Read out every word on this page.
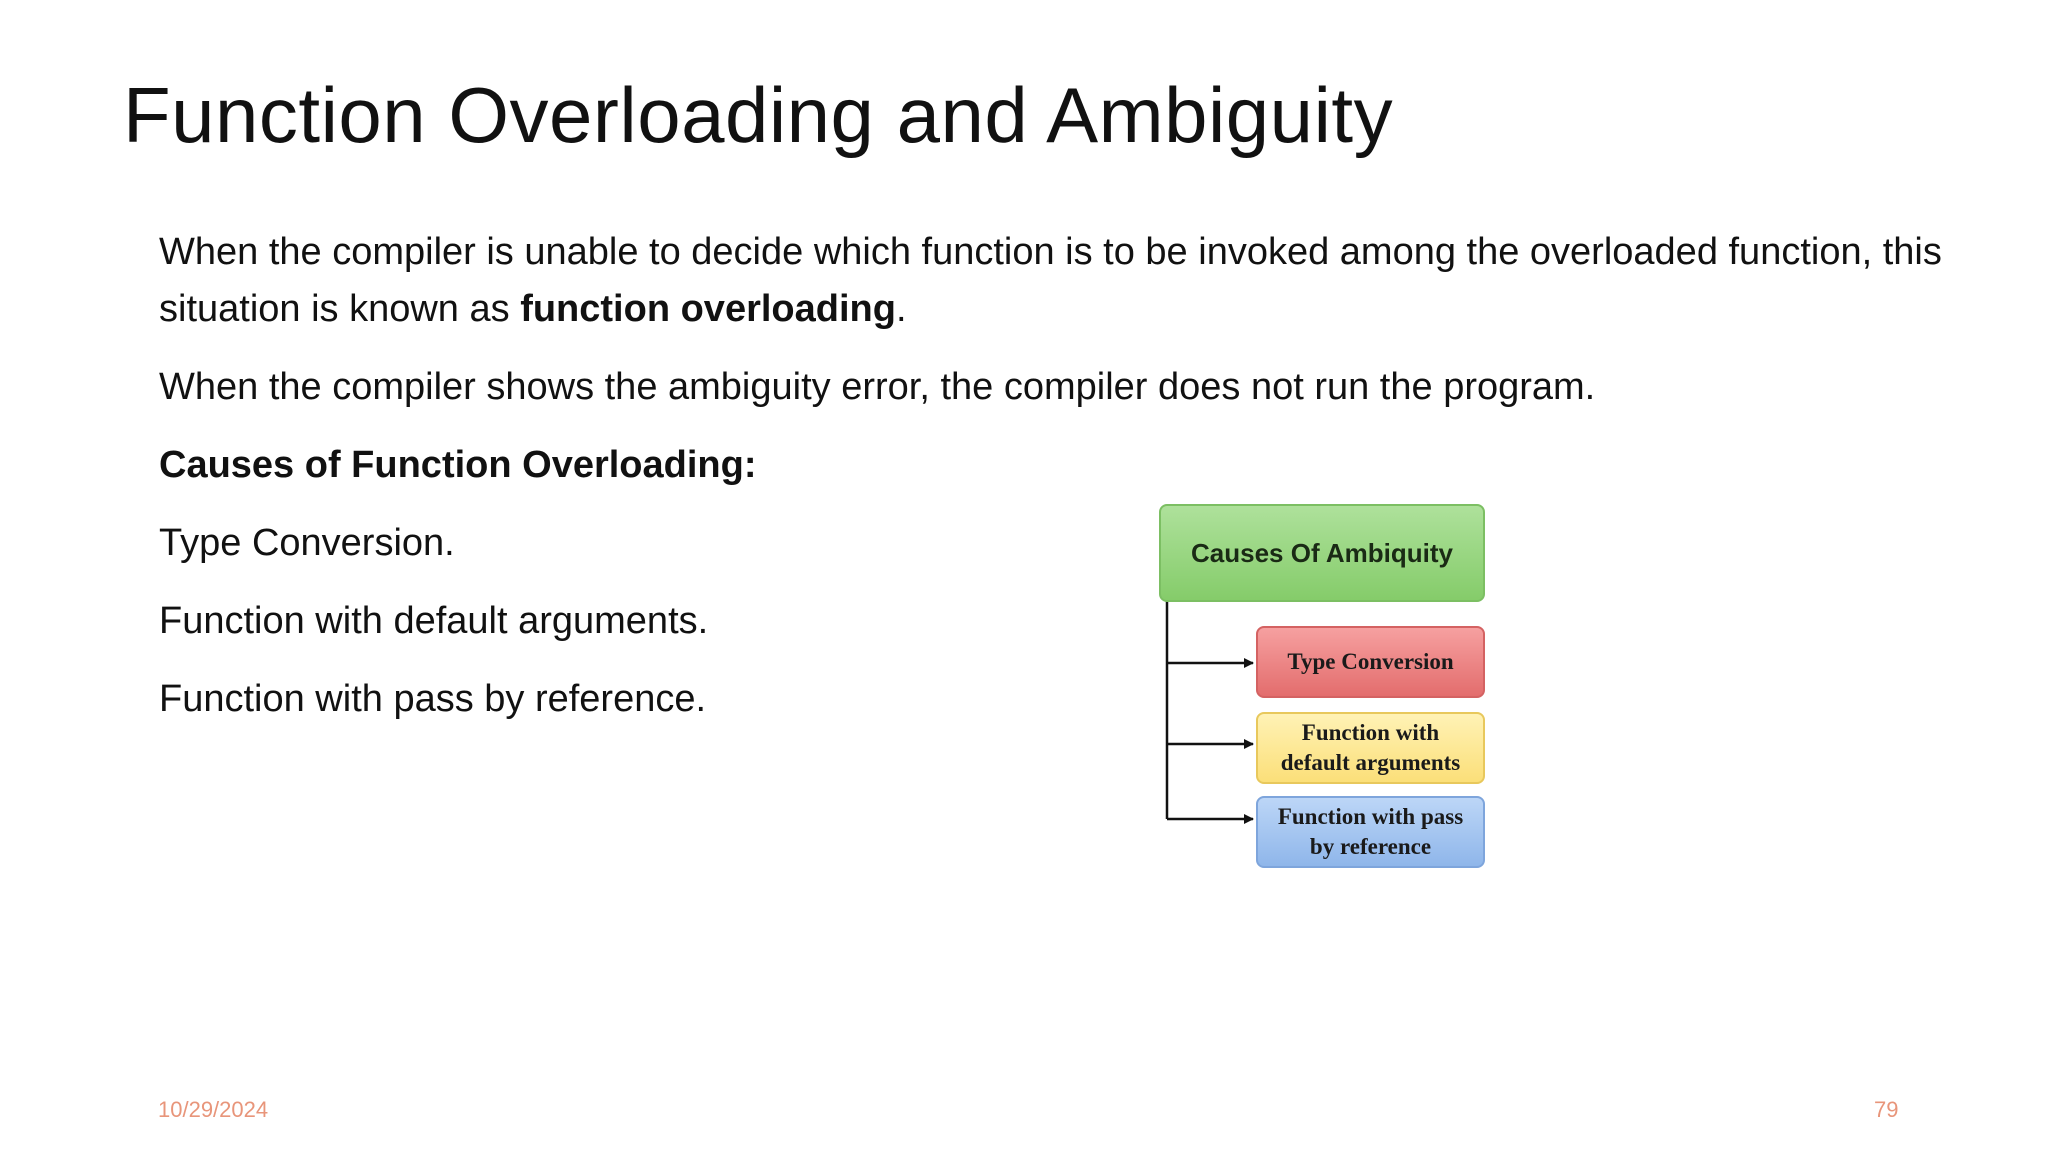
Function Overloading and Ambiguity

When the compiler is unable to decide which function is to be invoked among the overloaded function, this situation is known as function overloading.

When the compiler shows the ambiguity error, the compiler does not run the program.

Causes of Function Overloading:

Type Conversion.

Function with default arguments.

Function with pass by reference.

Causes Of Ambiquity
Type Conversion
Function with
default arguments
Function with pass
by reference
10/29/2024	79
